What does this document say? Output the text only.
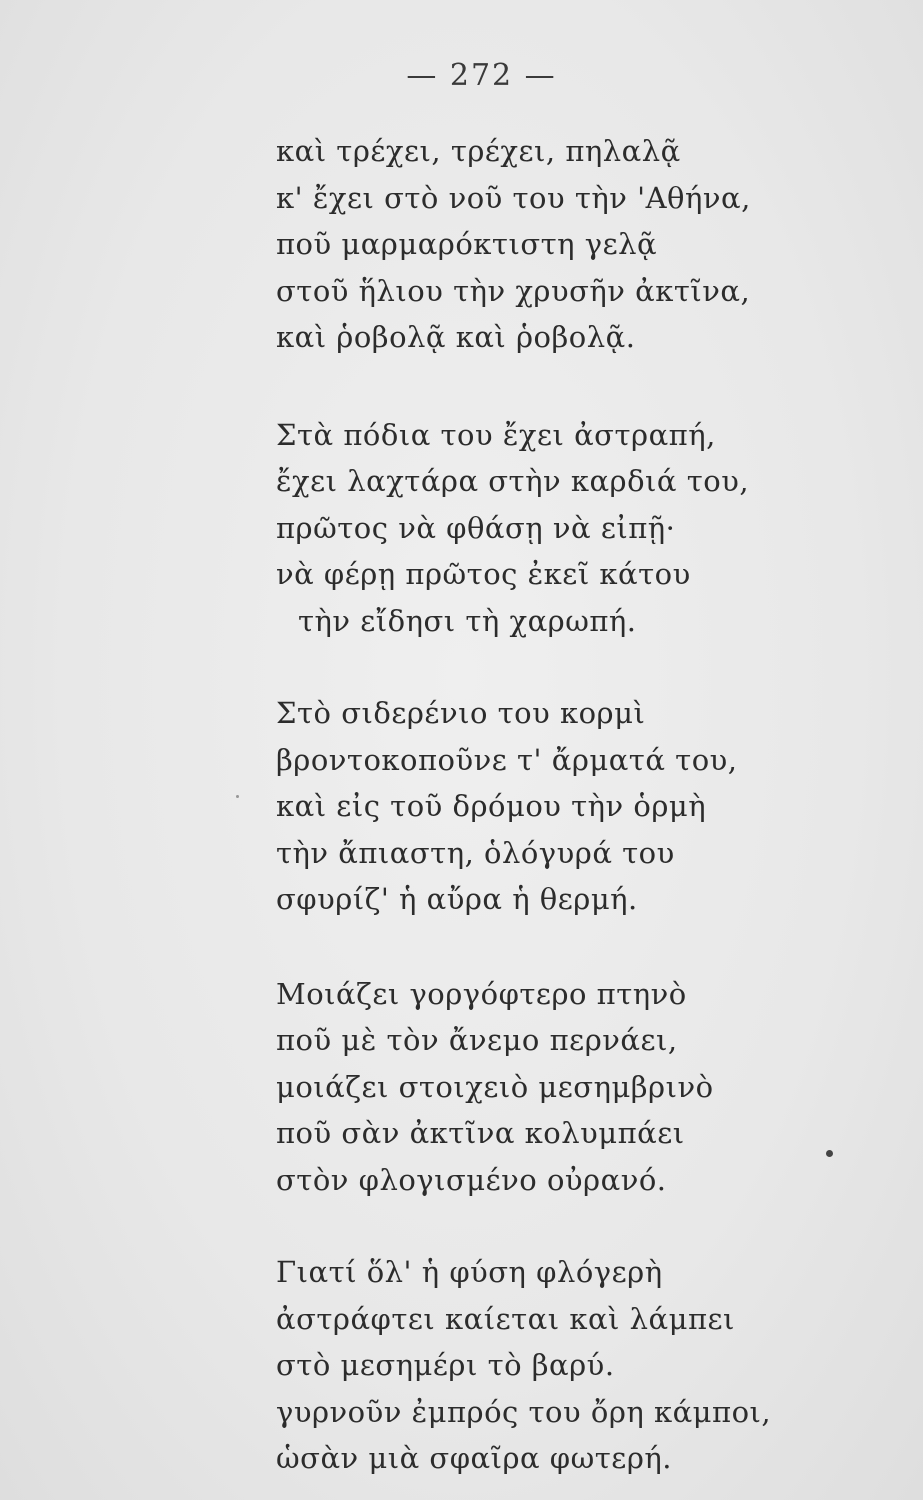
— 272 —
καὶ τρέχει, τρέχει, πηλαλᾷ
κ' ἔχει στὸ νοῦ του τὴν 'Αθήνα,
ποῦ μαρμαρόκτιστη γελᾷ
στοῦ ἥλιου τὴν χρυσῆν ἀκτῖνα,
καὶ ῥοβολᾷ καὶ ῥοβολᾷ.
Στὰ πόδια του ἔχει ἀστραπή,
ἔχει λαχτάρα στὴν καρδιά του,
πρῶτος νὰ φθάσῃ νὰ εἰπῇ·
νὰ φέρῃ πρῶτος ἐκεῖ κάτου
τὴν εἴδησι τὴ χαρωπή.
Στὸ σιδερένιο του κορμὶ
βροντοκοποῦνε τ' ἄρματά του,
καὶ εἰς τοῦ δρόμου τὴν ὁρμὴ
τὴν ἄπιαστη, ὁλόγυρά του
σφυρίζ' ἡ αὔρα ἡ θερμή.
Μοιάζει γοργόφτερο πτηνὸ
ποῦ μὲ τὸν ἄνεμο περνάει,
μοιάζει στοιχειὸ μεσημβρινὸ
ποῦ σὰν ἀκτῖνα κολυμπάει
στὸν φλογισμένο οὐρανό.
Γιατί ὅλ' ἡ φύση φλόγερὴ
ἀστράφτει καίεται καὶ λάμπει
στὸ μεσημέρι τὸ βαρύ.
γυρνοῦν ἐμπρός του ὄρη κάμποι,
ὡσὰν μιὰ σφαῖρα φωτερή.
